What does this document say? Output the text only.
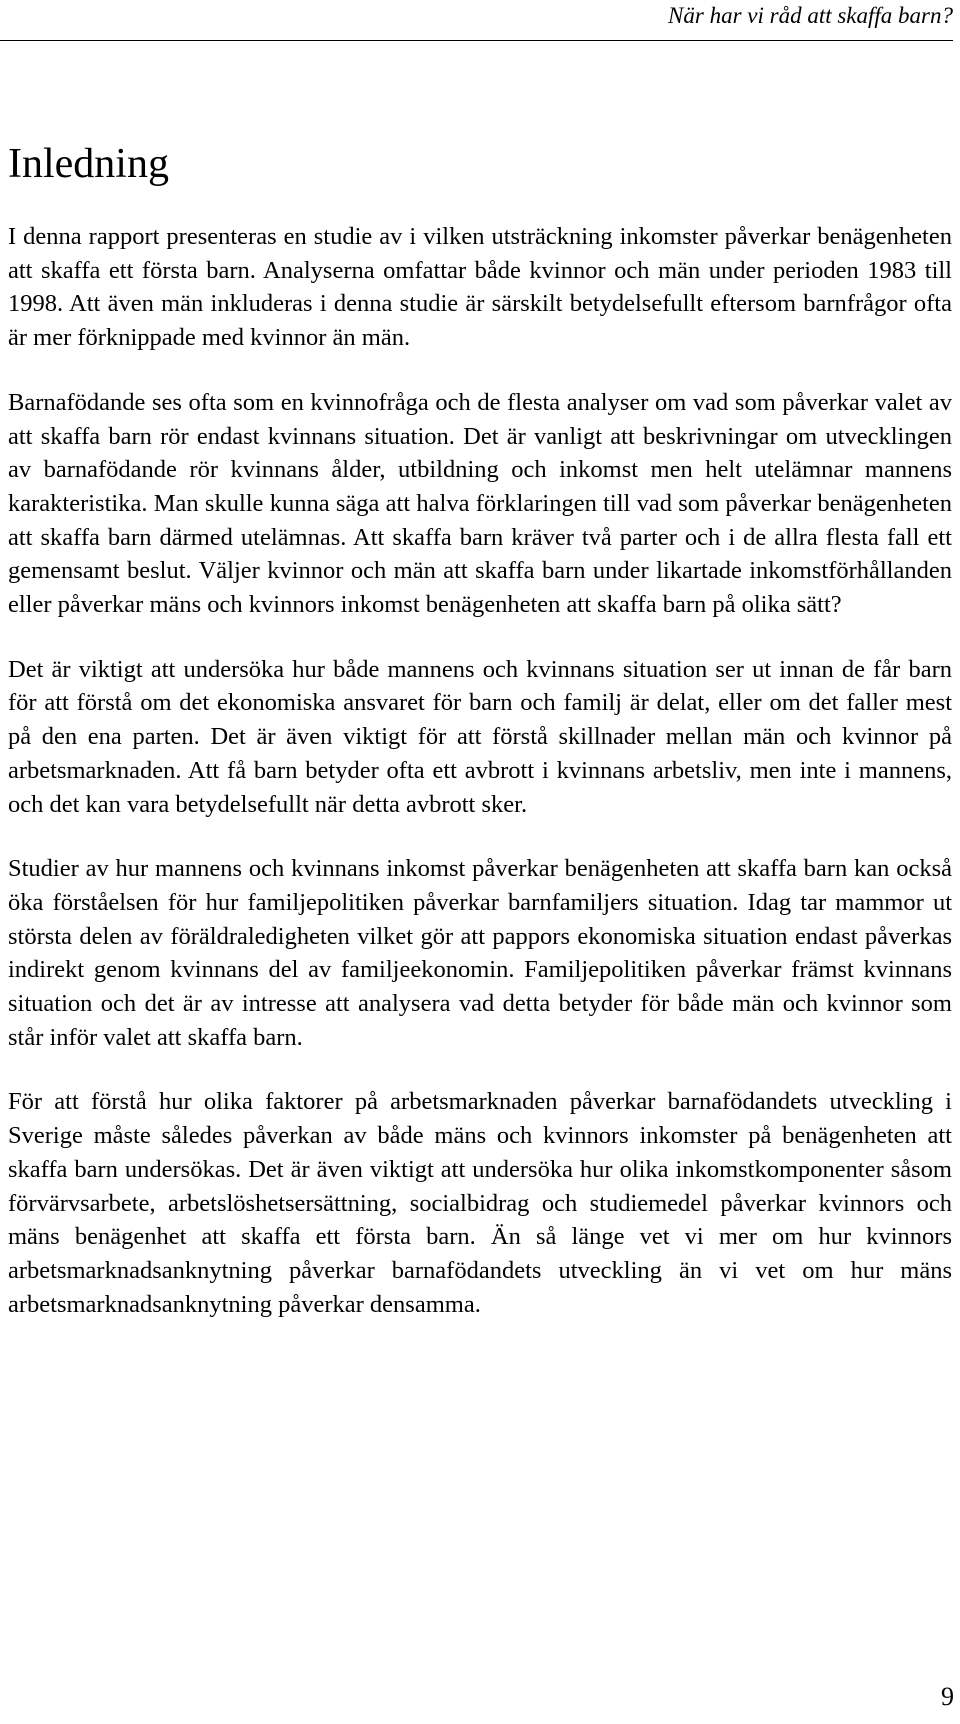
När har vi råd att skaffa barn?
Inledning

I denna rapport presenteras en studie av i vilken utsträckning inkomster påverkar benägenheten att skaffa ett första barn. Analyserna omfattar både kvinnor och män under perioden 1983 till 1998. Att även män inkluderas i denna studie är särskilt betydelsefullt eftersom barnfrågor ofta är mer förknippade med kvinnor än män.

Barnafödande ses ofta som en kvinnofråga och de flesta analyser om vad som påverkar valet av att skaffa barn rör endast kvinnans situation. Det är vanligt att beskrivningar om utvecklingen av barnafödande rör kvinnans ålder, utbildning och inkomst men helt utelämnar mannens karakteristika. Man skulle kunna säga att halva förklaringen till vad som påverkar benägenheten att skaffa barn därmed utelämnas. Att skaffa barn kräver två parter och i de allra flesta fall ett gemensamt beslut. Väljer kvinnor och män att skaffa barn under likartade inkomstförhållanden eller påverkar mäns och kvinnors inkomst benägenheten att skaffa barn på olika sätt?

Det är viktigt att undersöka hur både mannens och kvinnans situation ser ut innan de får barn för att förstå om det ekonomiska ansvaret för barn och familj är delat, eller om det faller mest på den ena parten. Det är även viktigt för att förstå skillnader mellan män och kvinnor på arbetsmarknaden. Att få barn betyder ofta ett avbrott i kvinnans arbetsliv, men inte i mannens, och det kan vara betydelsefullt när detta avbrott sker.

Studier av hur mannens och kvinnans inkomst påverkar benägenheten att skaffa barn kan också öka förståelsen för hur familjepolitiken påverkar barnfamiljers situation. Idag tar mammor ut största delen av föräldraledigheten vilket gör att pappors ekonomiska situation endast påverkas indirekt genom kvinnans del av familjeekonomin. Familjepolitiken påverkar främst kvinnans situation och det är av intresse att analysera vad detta betyder för både män och kvinnor som står inför valet att skaffa barn.

För att förstå hur olika faktorer på arbetsmarknaden påverkar barnafödandets utveckling i Sverige måste således påverkan av både mäns och kvinnors inkomster på benägenheten att skaffa barn undersökas. Det är även viktigt att undersöka hur olika inkomstkomponenter såsom förvärvsarbete, arbetslöshetsersättning, socialbidrag och studiemedel påverkar kvinnors och mäns benägenhet att skaffa ett första barn. Än så länge vet vi mer om hur kvinnors arbetsmarknadsanknytning påverkar barnafödandets utveckling än vi vet om hur mäns arbetsmarknadsanknytning påverkar densamma.

9
